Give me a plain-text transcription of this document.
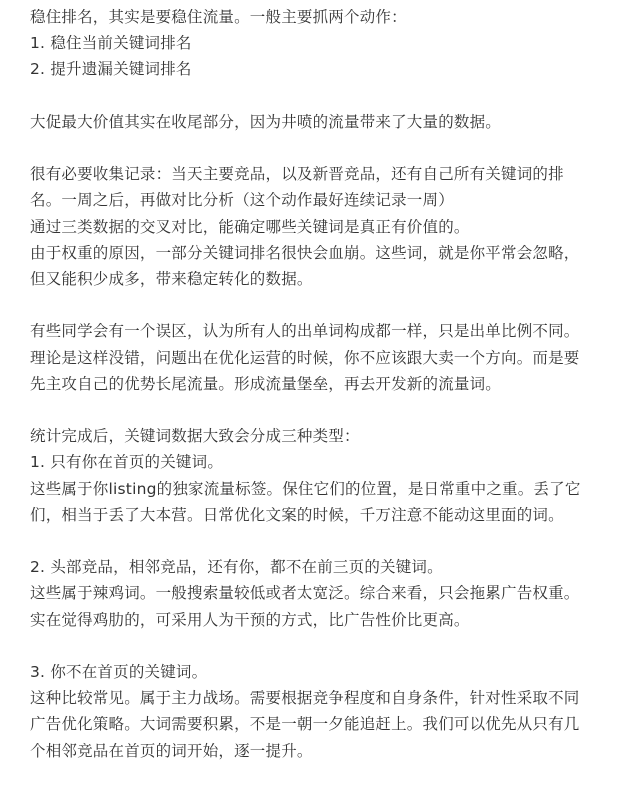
稳住排名，其实是要稳住流量。一般主要抓两个动作：
1. 稳住当前关键词排名
2. 提升遗漏关键词排名
大促最大价值其实在收尾部分，因为井喷的流量带来了大量的数据。
很有必要收集记录：当天主要竞品，以及新晋竞品，还有自己所有关键词的排
名。一周之后，再做对比分析（这个动作最好连续记录一周）
通过三类数据的交叉对比，能确定哪些关键词是真正有价值的。
由于权重的原因，一部分关键词排名很快会血崩。这些词，就是你平常会忽略，
但又能积少成多，带来稳定转化的数据。
有些同学会有一个误区，认为所有人的出单词构成都一样，只是出单比例不同。
理论是这样没错，问题出在优化运营的时候，你不应该跟大卖一个方向。而是要
先主攻自己的优势长尾流量。形成流量堡垒，再去开发新的流量词。
统计完成后，关键词数据大致会分成三种类型：
1. 只有你在首页的关键词。
这些属于你listing的独家流量标签。保住它们的位置，是日常重中之重。丢了它
们，相当于丢了大本营。日常优化文案的时候，千万注意不能动这里面的词。
2. 头部竞品，相邻竞品，还有你，都不在前三页的关键词。
这些属于辣鸡词。一般搜索量较低或者太宽泛。综合来看，只会拖累广告权重。
实在觉得鸡肋的，可采用人为干预的方式，比广告性价比更高。
3. 你不在首页的关键词。
这种比较常见。属于主力战场。需要根据竞争程度和自身条件，针对性采取不同
广告优化策略。大词需要积累，不是一朝一夕能追赶上。我们可以优先从只有几
个相邻竞品在首页的词开始，逐一提升。
